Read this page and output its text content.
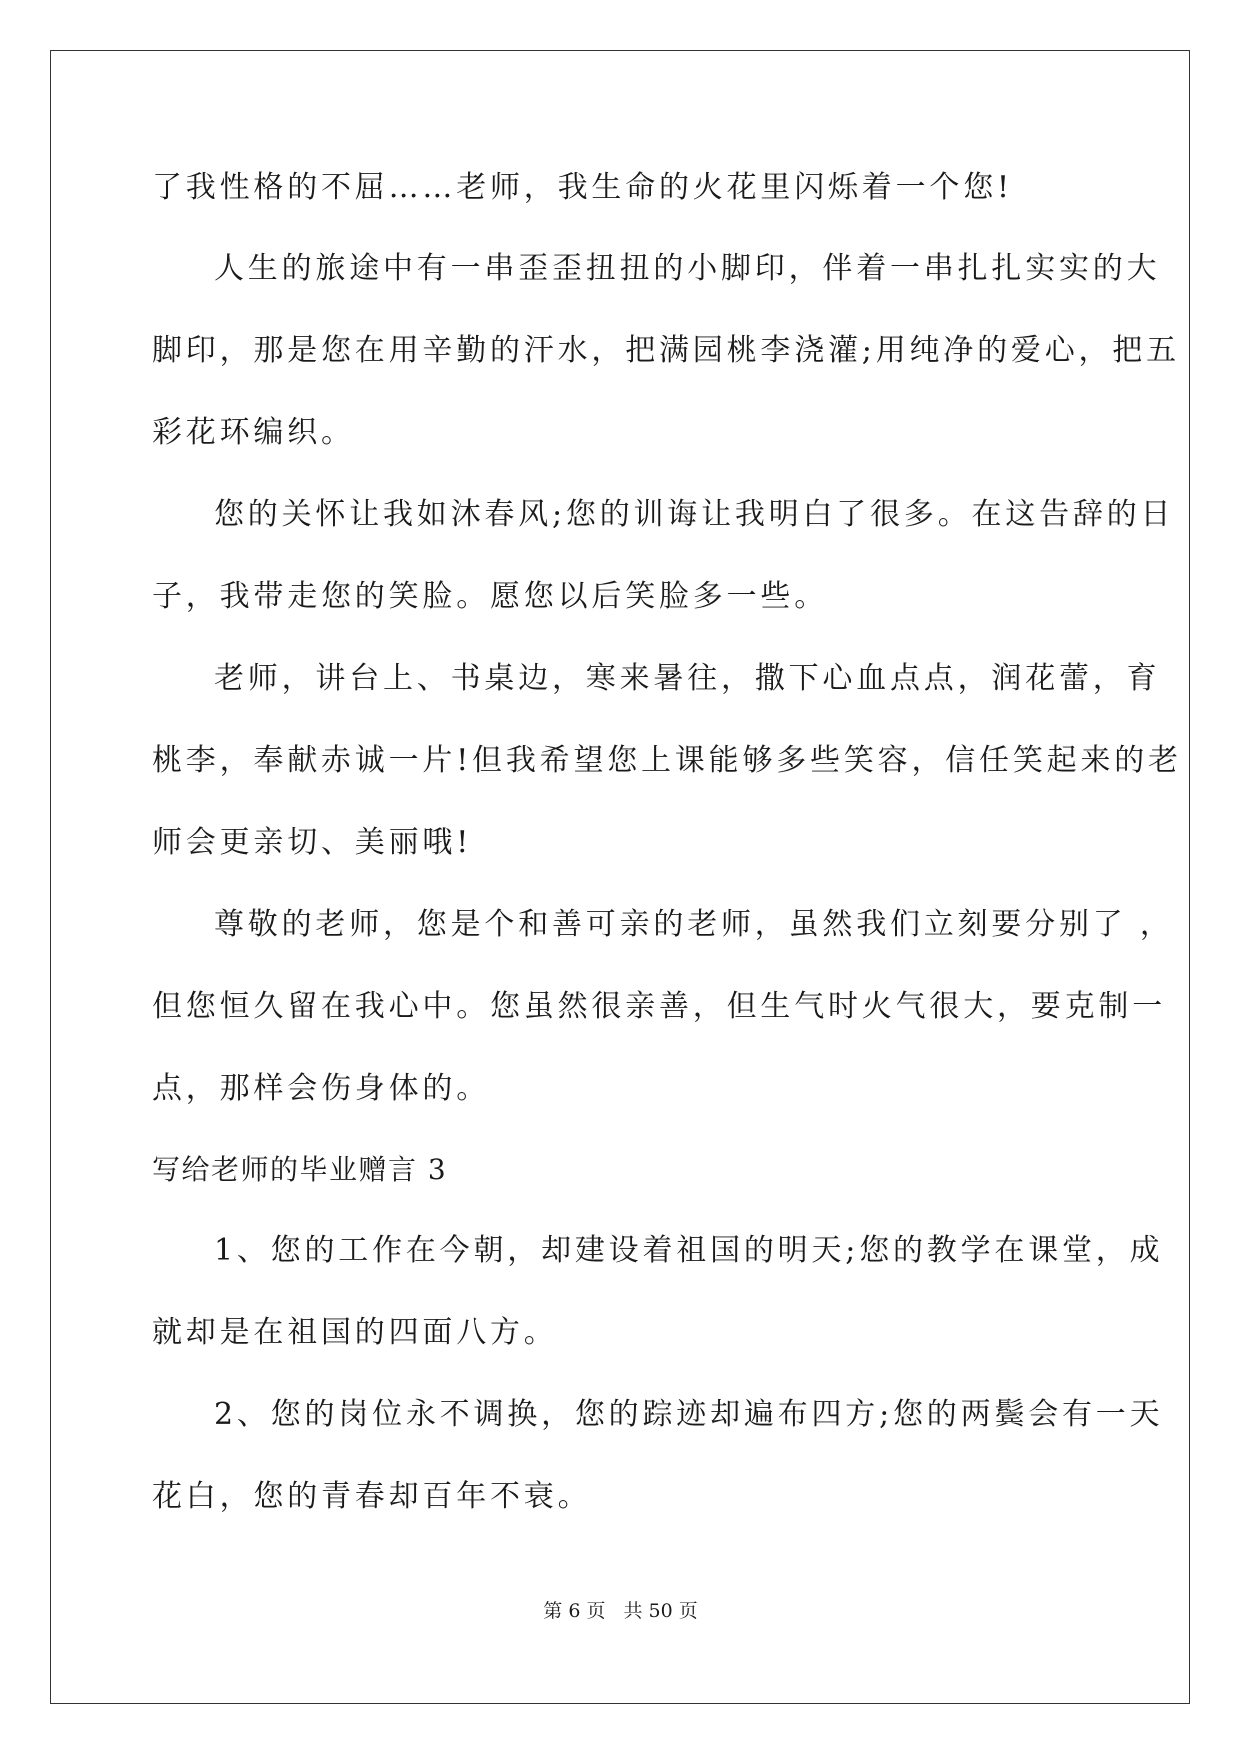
了我性格的不屈……老师，我生命的火花里闪烁着一个您!
人生的旅途中有一串歪歪扭扭的小脚印，伴着一串扎扎实实的大
脚印，那是您在用辛勤的汗水，把满园桃李浇灌;用纯净的爱心，把五
彩花环编织。
您的关怀让我如沐春风;您的训诲让我明白了很多。在这告辞的日
子，我带走您的笑脸。愿您以后笑脸多一些。
老师，讲台上、书桌边，寒来暑往，撒下心血点点，润花蕾，育
桃李，奉献赤诚一片!但我希望您上课能够多些笑容，信任笑起来的老
师会更亲切、美丽哦!
尊敬的老师，您是个和善可亲的老师，虽然我们立刻要分别了 ，
但您恒久留在我心中。您虽然很亲善，但生气时火气很大，要克制一
点，那样会伤身体的。
写给老师的毕业赠言 3
1、您的工作在今朝，却建设着祖国的明天;您的教学在课堂，成
就却是在祖国的四面八方。
2、您的岗位永不调换，您的踪迹却遍布四方;您的两鬓会有一天
花白，您的青春却百年不衰。
第 6 页 共 50 页
